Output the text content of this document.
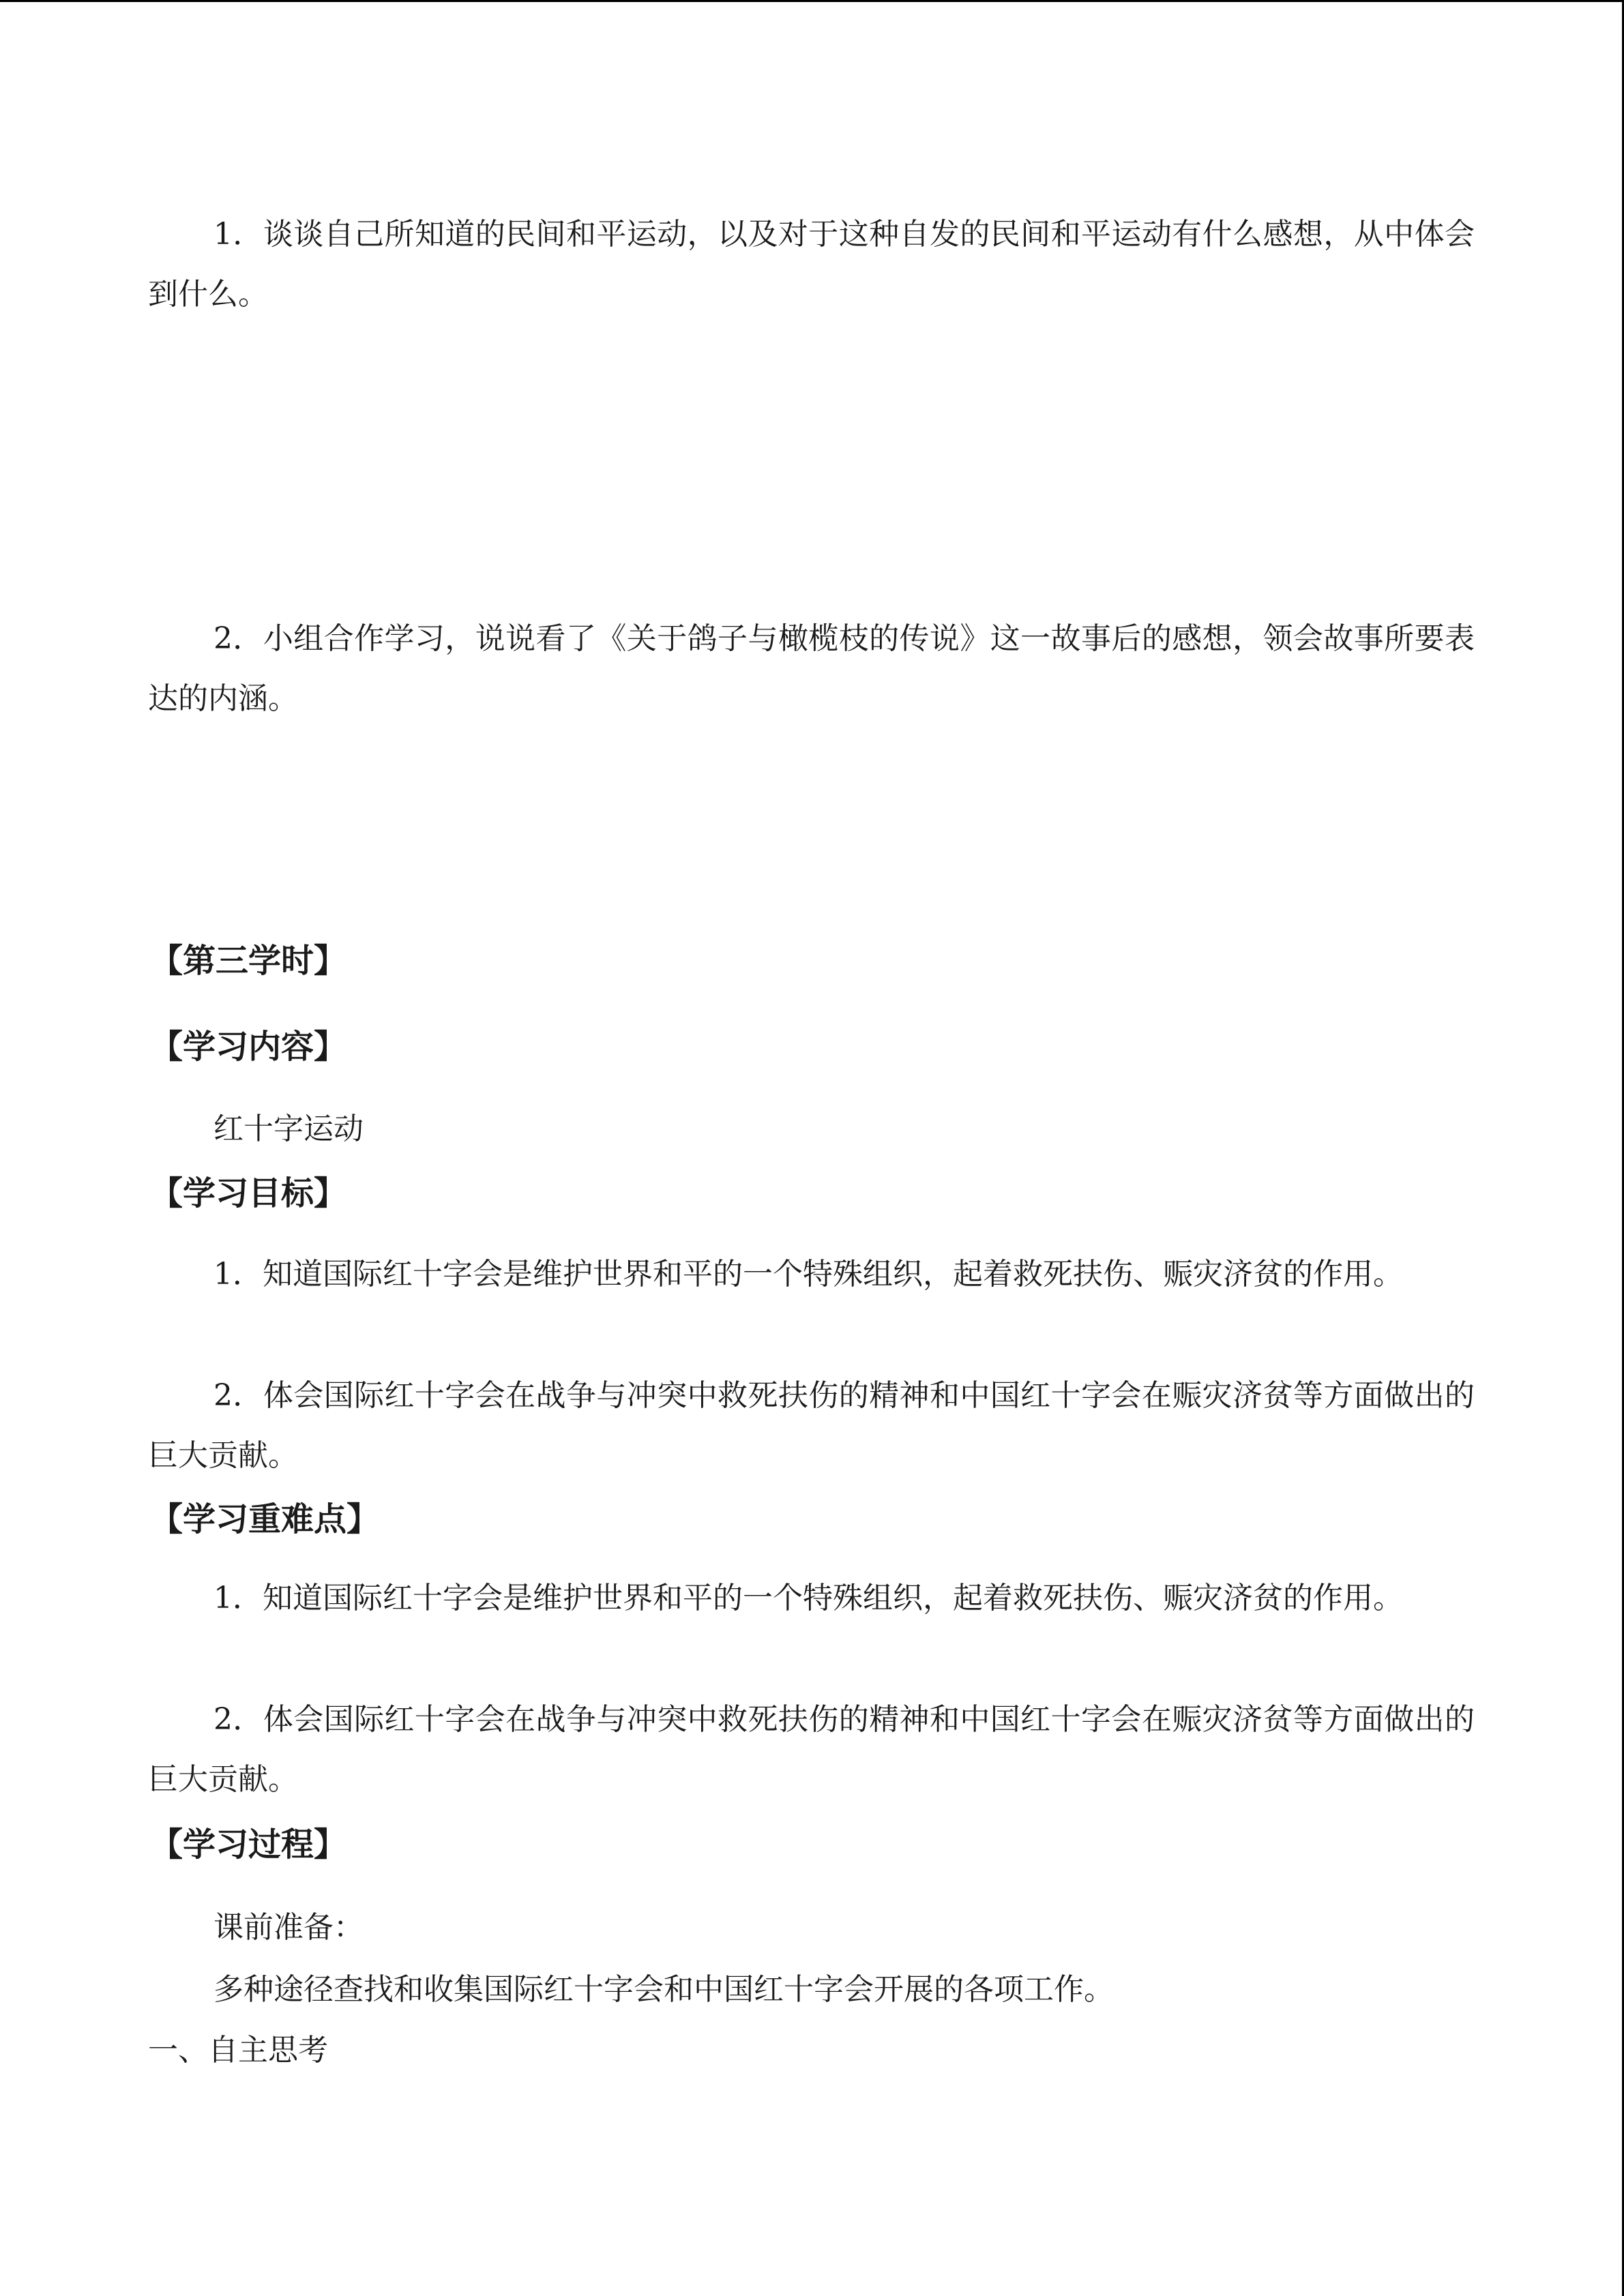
1．谈谈自己所知道的民间和平运动，以及对于这种自发的民间和平运动有什么感想，从中体会到什么。

2．小组合作学习，说说看了《关于鸽子与橄榄枝的传说》这一故事后的感想，领会故事所要表达的内涵。

【第三学时】
【学习内容】

红十字运动

【学习目标】

1．知道国际红十字会是维护世界和平的一个特殊组织，起着救死扶伤、赈灾济贫的作用。

2．体会国际红十字会在战争与冲突中救死扶伤的精神和中国红十字会在赈灾济贫等方面做出的巨大贡献。

【学习重难点】

1．知道国际红十字会是维护世界和平的一个特殊组织，起着救死扶伤、赈灾济贫的作用。

2．体会国际红十字会在战争与冲突中救死扶伤的精神和中国红十字会在赈灾济贫等方面做出的巨大贡献。

【学习过程】

课前准备：

多种途径查找和收集国际红十字会和中国红十字会开展的各项工作。

一、自主思考
